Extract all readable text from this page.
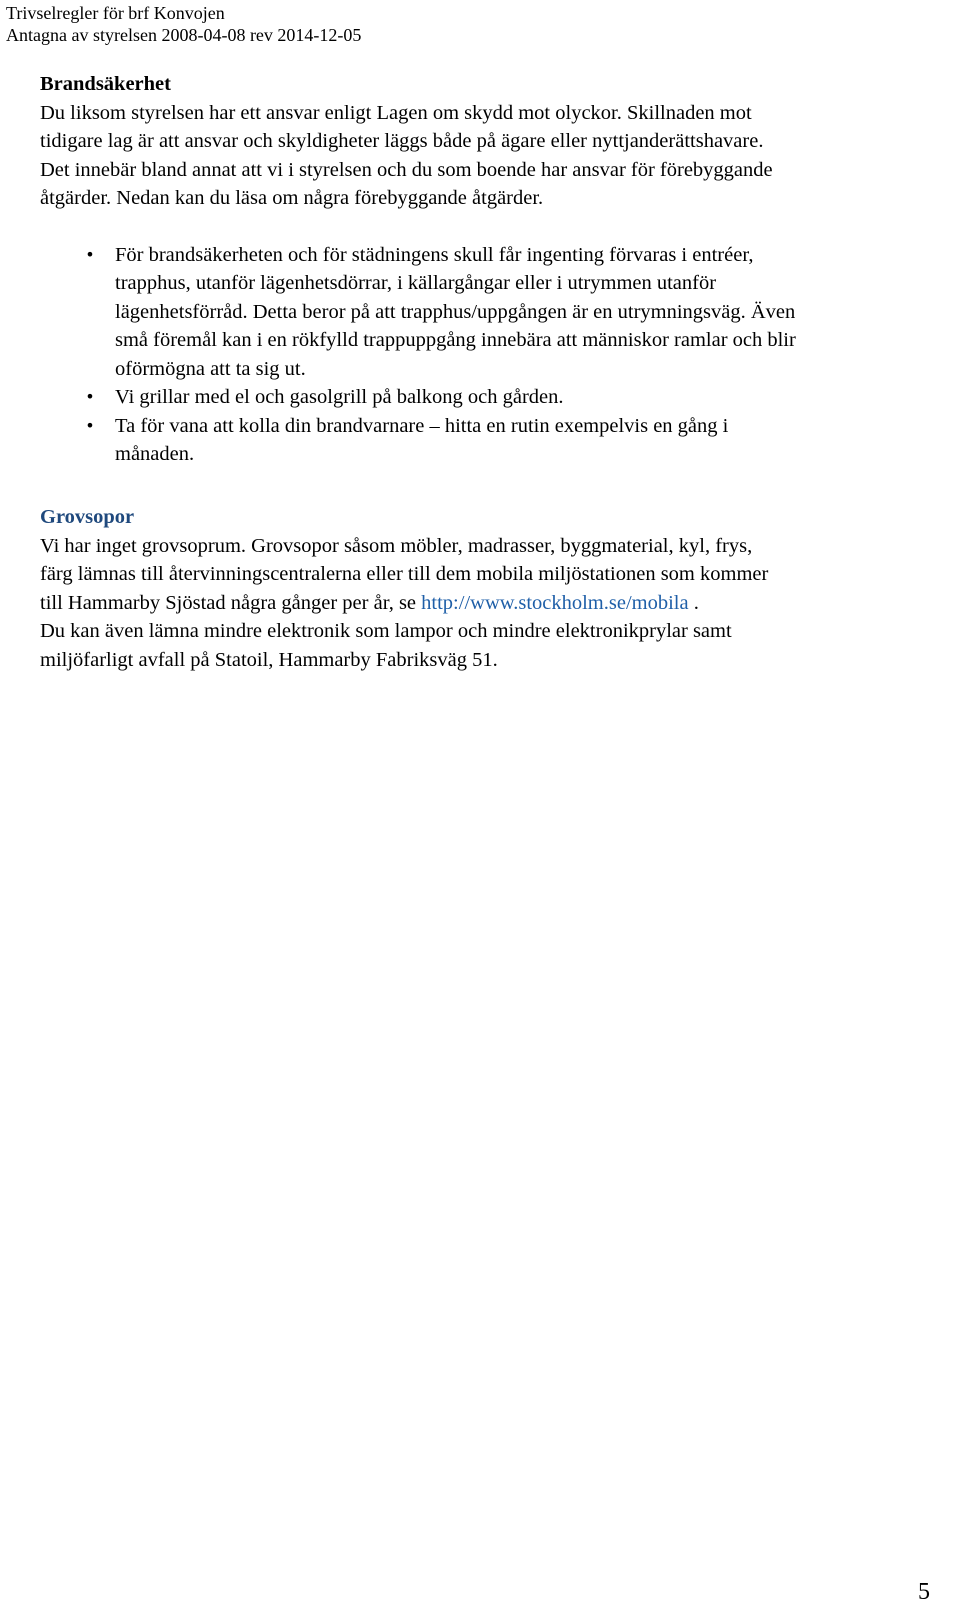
Trivselregler för brf Konvojen
Antagna av styrelsen 2008-04-08 rev 2014-12-05
Brandsäkerhet

Du liksom styrelsen har ett ansvar enligt Lagen om skydd mot olyckor. Skillnaden mot
tidigare lag är att ansvar och skyldigheter läggs både på ägare eller nyttjanderättshavare.
Det innebär bland annat att vi i styrelsen och du som boende har ansvar för förebyggande
åtgärder. Nedan kan du läsa om några förebyggande åtgärder.

• För brandsäkerheten och för städningens skull får ingenting förvaras i entréer,
trapphus, utanför lägenhetsdörrar, i källargångar eller i utrymmen utanför
lägenhetsförråd. Detta beror på att trapphus/uppgången är en utrymningsväg. Även
små föremål kan i en rökfylld trappuppgång innebära att människor ramlar och blir
oförmögna att ta sig ut.
• Vi grillar med el och gasolgrill på balkong och gården.
• Ta för vana att kolla din brandvarnare – hitta en rutin exempelvis en gång i
månaden.
Grovsopor

Vi har inget grovsoprum. Grovsopor såsom möbler, madrasser, byggmaterial, kyl, frys,
färg lämnas till återvinningscentralerna eller till dem mobila miljöstationen som kommer
till Hammarby Sjöstad några gånger per år, se http://www.stockholm.se/mobila .
Du kan även lämna mindre elektronik som lampor och mindre elektronikprylar samt
miljöfarligt avfall på Statoil, Hammarby Fabriksväg 51.

5
